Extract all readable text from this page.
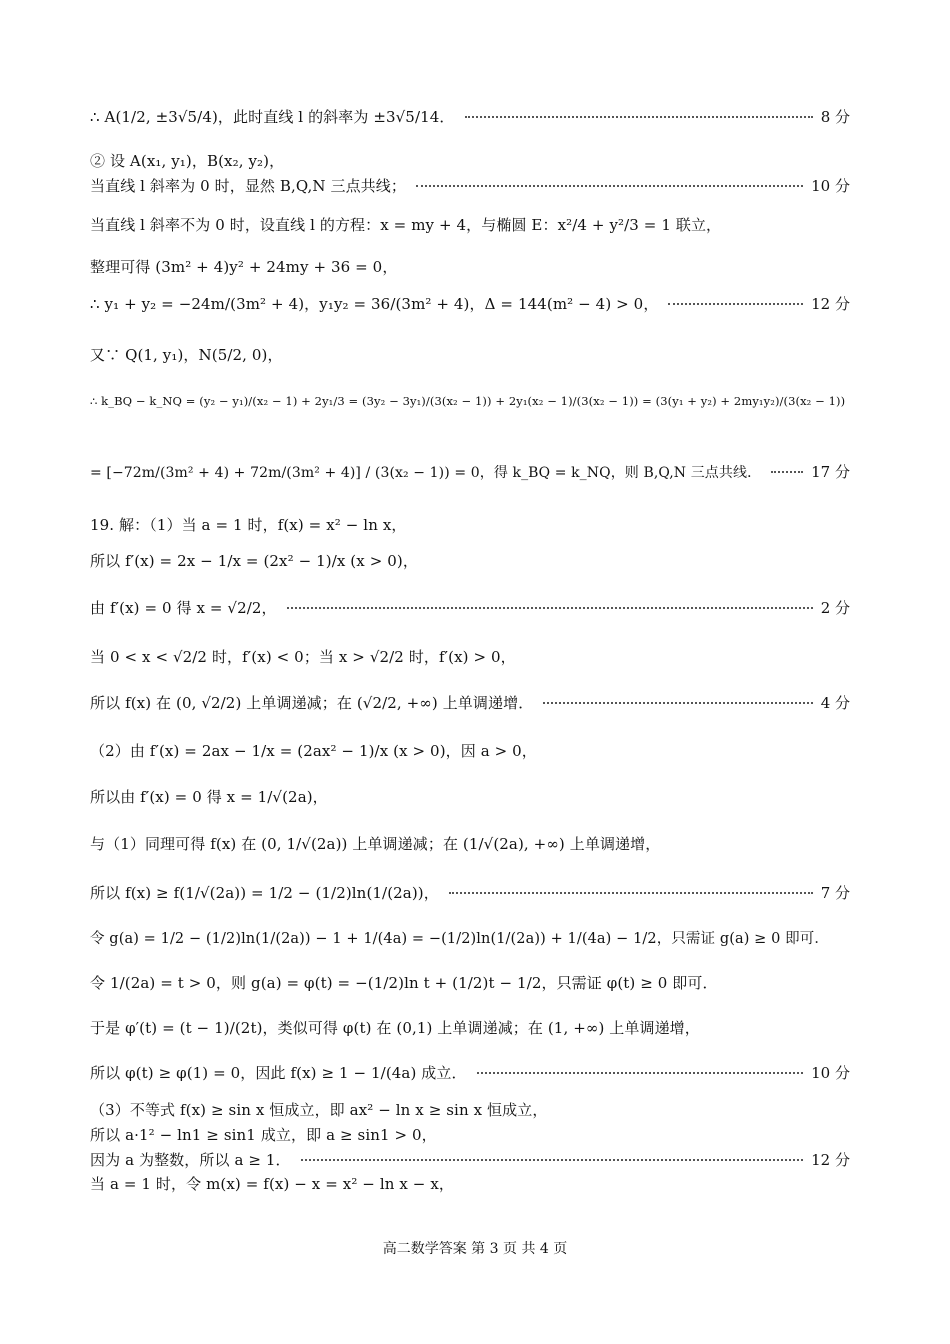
∴ A(1/2, ±3√5/4)，此时直线 l 的斜率为 ±3√5/14．	8 分
② 设 A(x₁, y₁)，B(x₂, y₂)，
当直线 l 斜率为 0 时，显然 B,Q,N 三点共线；	10 分
当直线 l 斜率不为 0 时，设直线 l 的方程：x = my + 4，与椭圆 E：x²/4 + y²/3 = 1 联立，
整理可得 (3m² + 4)y² + 24my + 36 = 0，
∴ y₁ + y₂ = −24m/(3m² + 4)，y₁y₂ = 36/(3m² + 4)，Δ = 144(m² − 4) > 0，	12 分
又∵ Q(1, y₁)，N(5/2, 0)，
∴ k_BQ − k_NQ = (y₂ − y₁)/(x₂ − 1) + 2y₁/3 = (3y₂ − 3y₁)/(3(x₂ − 1)) + 2y₁(x₂ − 1)/(3(x₂ − 1)) = (3(y₁ + y₂) + 2my₁y₂)/(3(x₂ − 1))
= [−72m/(3m² + 4) + 72m/(3m² + 4)] / (3(x₂ − 1)) = 0，得 k_BQ = k_NQ，则 B,Q,N 三点共线．	17 分
19. 解：（1）当 a = 1 时，f(x) = x² − ln x，
所以 f′(x) = 2x − 1/x = (2x² − 1)/x (x > 0)，
由 f′(x) = 0 得 x = √2/2，	2 分
当 0 < x < √2/2 时，f′(x) < 0；当 x > √2/2 时，f′(x) > 0，
所以 f(x) 在 (0, √2/2) 上单调递减；在 (√2/2, +∞) 上单调递增．	4 分
（2）由 f′(x) = 2ax − 1/x = (2ax² − 1)/x (x > 0)，因 a > 0，
所以由 f′(x) = 0 得 x = 1/√(2a)，
与（1）同理可得 f(x) 在 (0, 1/√(2a)) 上单调递减；在 (1/√(2a), +∞) 上单调递增，
所以 f(x) ≥ f(1/√(2a)) = 1/2 − (1/2)ln(1/(2a))，	7 分
令 g(a) = 1/2 − (1/2)ln(1/(2a)) − 1 + 1/(4a) = −(1/2)ln(1/(2a)) + 1/(4a) − 1/2，只需证 g(a) ≥ 0 即可．
令 1/(2a) = t > 0，则 g(a) = φ(t) = −(1/2)ln t + (1/2)t − 1/2，只需证 φ(t) ≥ 0 即可．
于是 φ′(t) = (t − 1)/(2t)，类似可得 φ(t) 在 (0,1) 上单调递减；在 (1, +∞) 上单调递增，
所以 φ(t) ≥ φ(1) = 0，因此 f(x) ≥ 1 − 1/(4a) 成立．	10 分
（3）不等式 f(x) ≥ sin x 恒成立，即 ax² − ln x ≥ sin x 恒成立，
所以 a·1² − ln1 ≥ sin1 成立，即 a ≥ sin1 > 0，
因为 a 为整数，所以 a ≥ 1．	12 分
当 a = 1 时，令 m(x) = f(x) − x = x² − ln x − x，
高二数学答案 第 3 页 共 4 页
